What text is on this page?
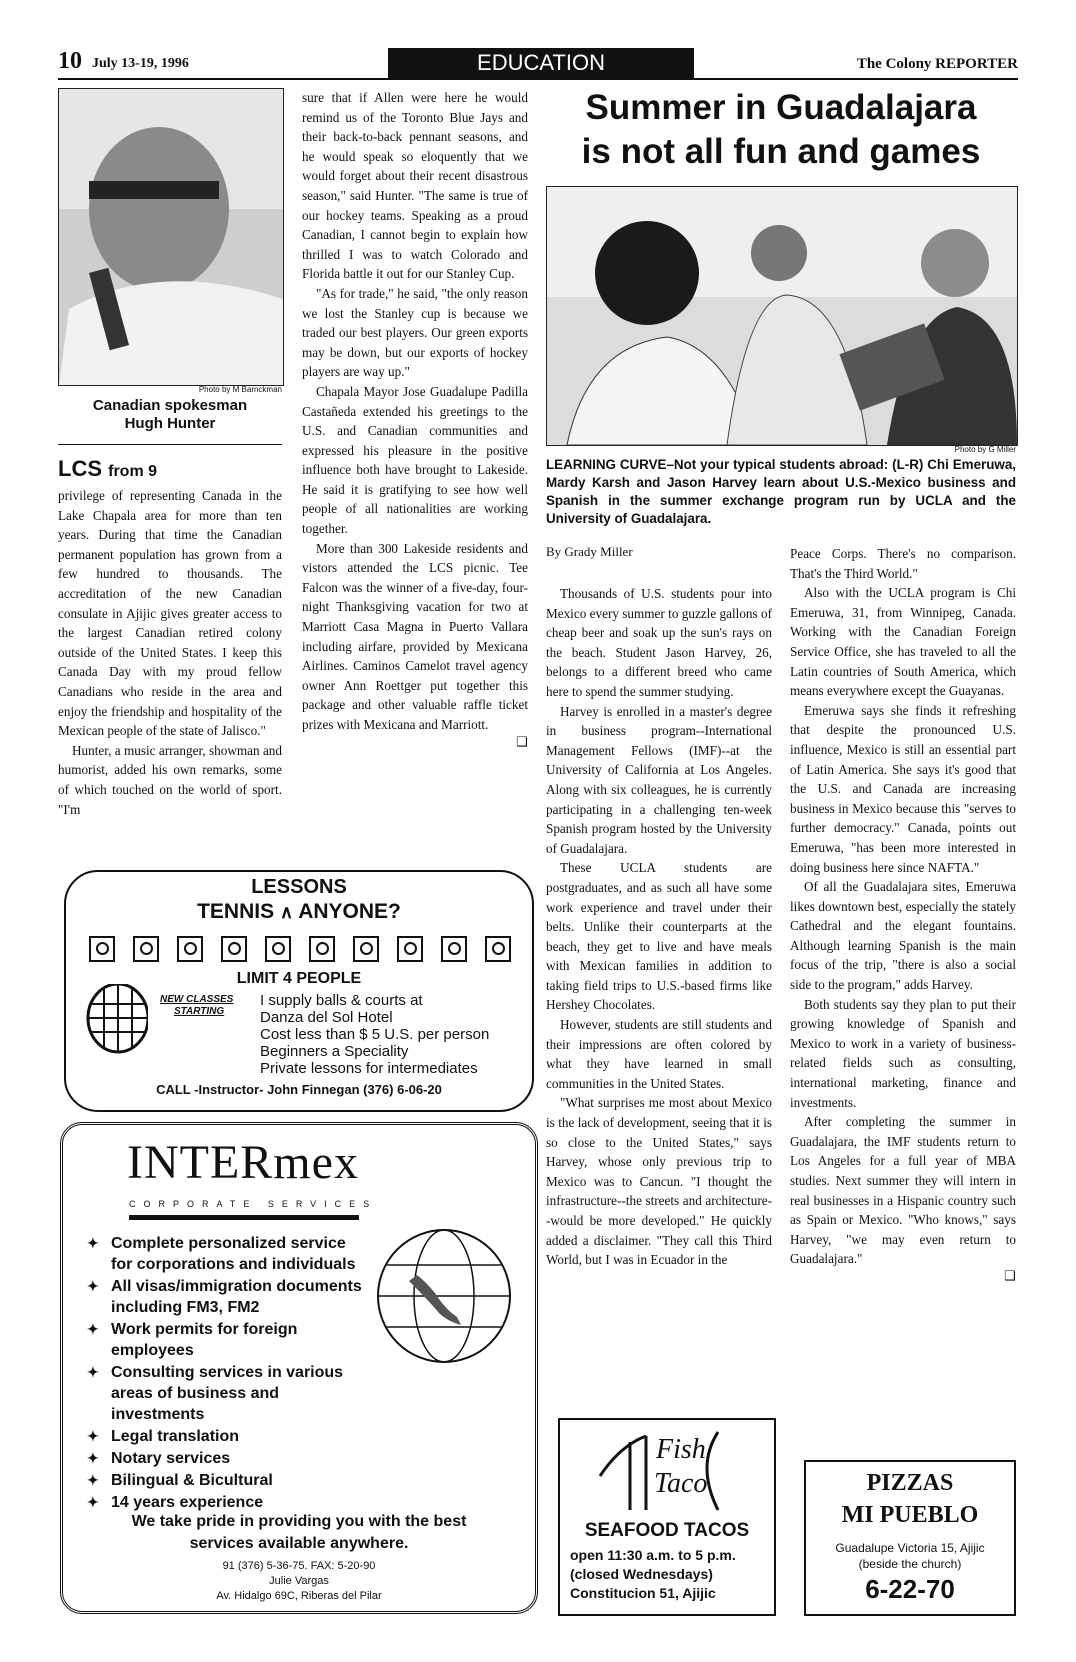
10 July 13-19, 1996	EDUCATION	The Colony REPORTER
Photo by M Barnckman
Canadian spokesman
Hugh Hunter
LCS from 9

privilege of representing Canada in the Lake Chapala area for more than ten years. During that time the Canadian permanent population has grown from a few hundred to thousands. The accreditation of the new Canadian consulate in Ajijic gives greater access to the largest Canadian retired colony outside of the United States. I keep this Canada Day with my proud fellow Canadians who reside in the area and enjoy the friendship and hospitality of the Mexican people of the state of Jalisco."

Hunter, a music arranger, showman and humorist, added his own remarks, some of which touched on the world of sport. "I'm

sure that if Allen were here he would remind us of the Toronto Blue Jays and their back-to-back pennant seasons, and he would speak so eloquently that we would forget about their recent disastrous season," said Hunter. "The same is true of our hockey teams. Speaking as a proud Canadian, I cannot begin to explain how thrilled I was to watch Colorado and Florida battle it out for our Stanley Cup.

"As for trade," he said, "the only reason we lost the Stanley cup is because we traded our best players. Our green exports may be down, but our exports of hockey players are way up."

Chapala Mayor Jose Guadalupe Padilla Castañeda extended his greetings to the U.S. and Canadian communities and expressed his pleasure in the positive influence both have brought to Lakeside. He said it is gratifying to see how well people of all nationalities are working together.

More than 300 Lakeside residents and vistors attended the LCS picnic. Tee Falcon was the winner of a five-day, four-night Thanksgiving vacation for two at Marriott Casa Magna in Puerto Vallara including airfare, provided by Mexicana Airlines. Caminos Camelot travel agency owner Ann Roettger put together this package and other valuable raffle ticket prizes with Mexicana and Marriott.

❑
LESSONS
TENNIS ∧ ANYONE?
LIMIT 4 PEOPLE
NEW CLASSES
STARTING
I supply balls & courts at
Danza del Sol Hotel
Cost less than $ 5 U.S. per person
Beginners a Speciality
Private lessons for intermediates
CALL -Instructor- John Finnegan (376) 6-06-20
INTERmex
CORPORATE SERVICES
✦ Complete personalized service for corporations and individuals
✦ All visas/immigration documents including FM3, FM2
✦ Work permits for foreign employees
✦ Consulting services in various areas of business and investments
✦ Legal translation
✦ Notary services
✦ Bilingual & Bicultural
✦ 14 years experience
We take pride in providing you with the best
services available anywhere.
91 (376) 5-36-75. FAX: 5-20-90
Julie Vargas
Av. Hidalgo 69C, Riberas del Pilar
Summer in Guadalajara
is not all fun and games
Photo by G Miller
LEARNING CURVE–Not your typical students abroad: (L-R) Chi Emeruwa, Mardy Karsh and Jason Harvey learn about U.S.-Mexico business and Spanish in the summer exchange program run by UCLA and the University of Guadalajara.
By Grady Miller

Thousands of U.S. students pour into Mexico every summer to guzzle gallons of cheap beer and soak up the sun's rays on the beach. Student Jason Harvey, 26, belongs to a different breed who came here to spend the summer studying.

Harvey is enrolled in a master's degree in business program--International Management Fellows (IMF)--at the University of California at Los Angeles. Along with six colleagues, he is currently participating in a challenging ten-week Spanish program hosted by the University of Guadalajara.

These UCLA students are postgraduates, and as such all have some work experience and travel under their belts. Unlike their counterparts at the beach, they get to live and have meals with Mexican families in addition to taking field trips to U.S.-based firms like Hershey Chocolates.

However, students are still students and their impressions are often colored by what they have learned in small communities in the United States.

"What surprises me most about Mexico is the lack of development, seeing that it is so close to the United States," says Harvey, whose only previous trip to Mexico was to Cancun. "I thought the infrastructure--the streets and architecture--would be more developed." He quickly added a disclaimer. "They call this Third World, but I was in Ecuador in the

Peace Corps. There's no comparison. That's the Third World."

Also with the UCLA program is Chi Emeruwa, 31, from Winnipeg, Canada. Working with the Canadian Foreign Service Office, she has traveled to all the Latin countries of South America, which means everywhere except the Guayanas.

Emeruwa says she finds it refreshing that despite the pronounced U.S. influence, Mexico is still an essential part of Latin America. She says it's good that the U.S. and Canada are increasing business in Mexico because this "serves to further democracy." Canada, points out Emeruwa, "has been more interested in doing business here since NAFTA."

Of all the Guadalajara sites, Emeruwa likes downtown best, especially the stately Cathedral and the elegant fountains. Although learning Spanish is the main focus of the trip, "there is also a social side to the program," adds Harvey.

Both students say they plan to put their growing knowledge of Spanish and Mexico to work in a variety of business-related fields such as consulting, international marketing, finance and investments.

After completing the summer in Guadalajara, the IMF students return to Los Angeles for a full year of MBA studies. Next summer they will intern in real businesses in a Hispanic country such as Spain or Mexico. "Who knows," says Harvey, "we may even return to Guadalajara."

❑
Fish
Taco
SEAFOOD TACOS
open 11:30 a.m. to 5 p.m.
(closed Wednesdays)
Constitucion 51, Ajijic
PIZZAS
MI PUEBLO
Guadalupe Victoria 15, Ajijic
(beside the church)
6-22-70
